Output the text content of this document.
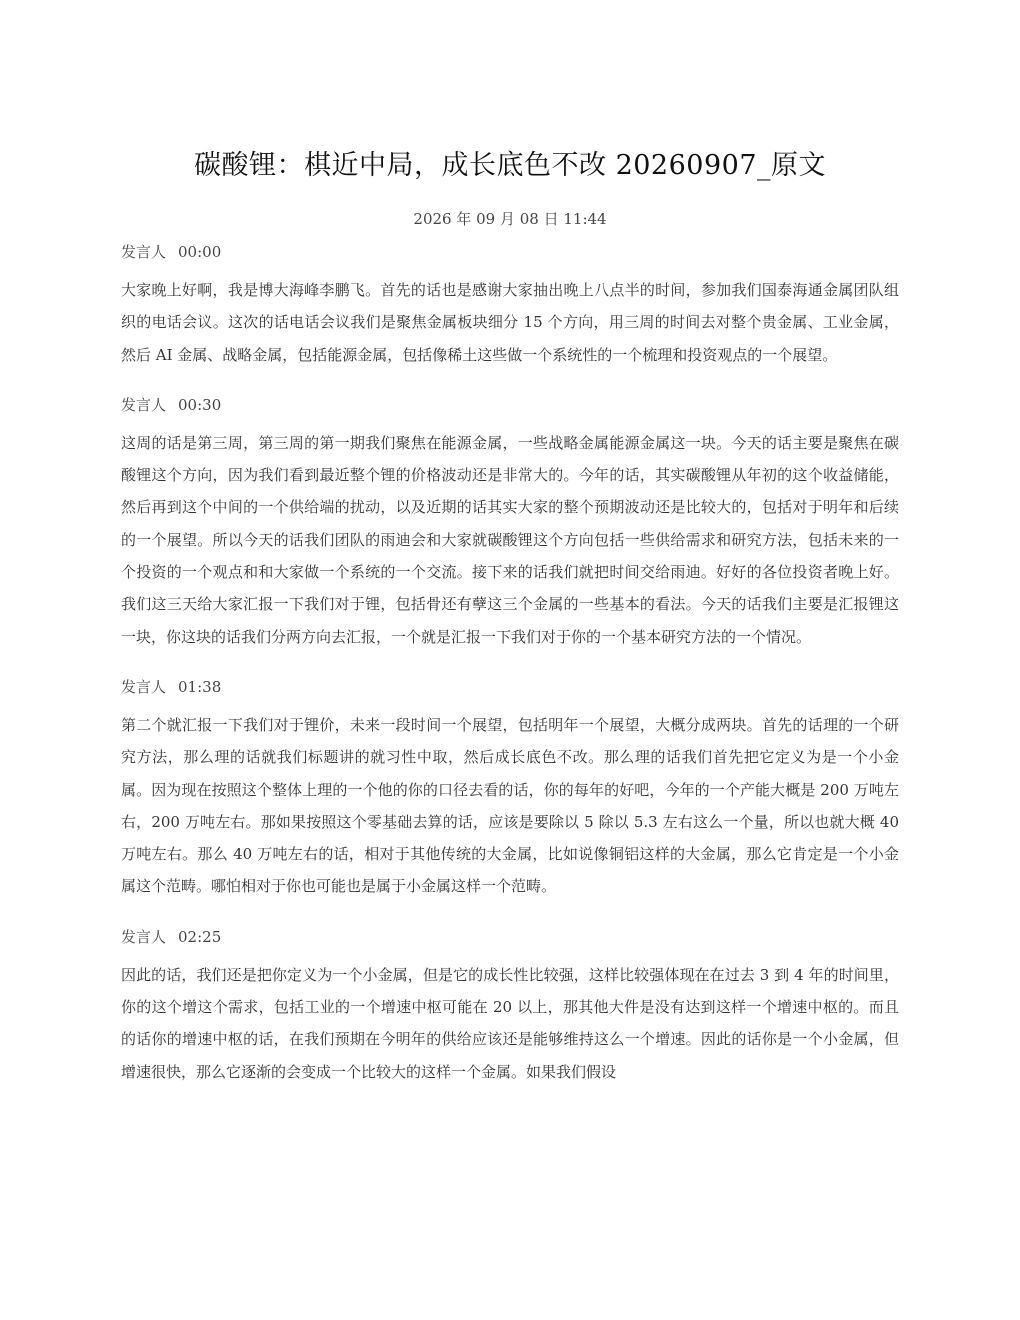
碳酸锂：棋近中局，成长底色不改 20260907_原文
2026 年 09 月 08 日 11:44
发言人 00:00

大家晚上好啊，我是博大海峰李鹏飞。首先的话也是感谢大家抽出晚上八点半的时间，参加我们国泰海通金属团队组织的电话会议。这次的话电话会议我们是聚焦金属板块细分 15 个方向，用三周的时间去对整个贵金属、工业金属，然后 AI 金属、战略金属，包括能源金属，包括像稀土这些做一个系统性的一个梳理和投资观点的一个展望。

发言人 00:30

这周的话是第三周，第三周的第一期我们聚焦在能源金属，一些战略金属能源金属这一块。今天的话主要是聚焦在碳酸锂这个方向，因为我们看到最近整个锂的价格波动还是非常大的。今年的话，其实碳酸锂从年初的这个收益储能，然后再到这个中间的一个供给端的扰动，以及近期的话其实大家的整个预期波动还是比较大的，包括对于明年和后续的一个展望。所以今天的话我们团队的雨迪会和大家就碳酸锂这个方向包括一些供给需求和研究方法，包括未来的一个投资的一个观点和和大家做一个系统的一个交流。接下来的话我们就把时间交给雨迪。好好的各位投资者晚上好。我们这三天给大家汇报一下我们对于锂，包括骨还有孽这三个金属的一些基本的看法。今天的话我们主要是汇报锂这一块，你这块的话我们分两方向去汇报，一个就是汇报一下我们对于你的一个基本研究方法的一个情况。

发言人 01:38

第二个就汇报一下我们对于锂价，未来一段时间一个展望，包括明年一个展望，大概分成两块。首先的话理的一个研究方法，那么理的话就我们标题讲的就习性中取，然后成长底色不改。那么理的话我们首先把它定义为是一个小金属。因为现在按照这个整体上理的一个他的你的口径去看的话，你的每年的好吧，今年的一个产能大概是 200 万吨左右，200 万吨左右。那如果按照这个零基础去算的话，应该是要除以 5 除以 5.3 左右这么一个量，所以也就大概 40 万吨左右。那么 40 万吨左右的话，相对于其他传统的大金属，比如说像铜铝这样的大金属，那么它肯定是一个小金属这个范畴。哪怕相对于你也可能也是属于小金属这样一个范畴。

发言人 02:25

因此的话，我们还是把你定义为一个小金属，但是它的成长性比较强，这样比较强体现在在过去 3 到 4 年的时间里，你的这个增这个需求，包括工业的一个增速中枢可能在 20 以上，那其他大件是没有达到这样一个增速中枢的。而且的话你的增速中枢的话，在我们预期在今明年的供给应该还是能够维持这么一个增速。因此的话你是一个小金属，但增速很快，那么它逐渐的会变成一个比较大的这样一个金属。如果我们假设
